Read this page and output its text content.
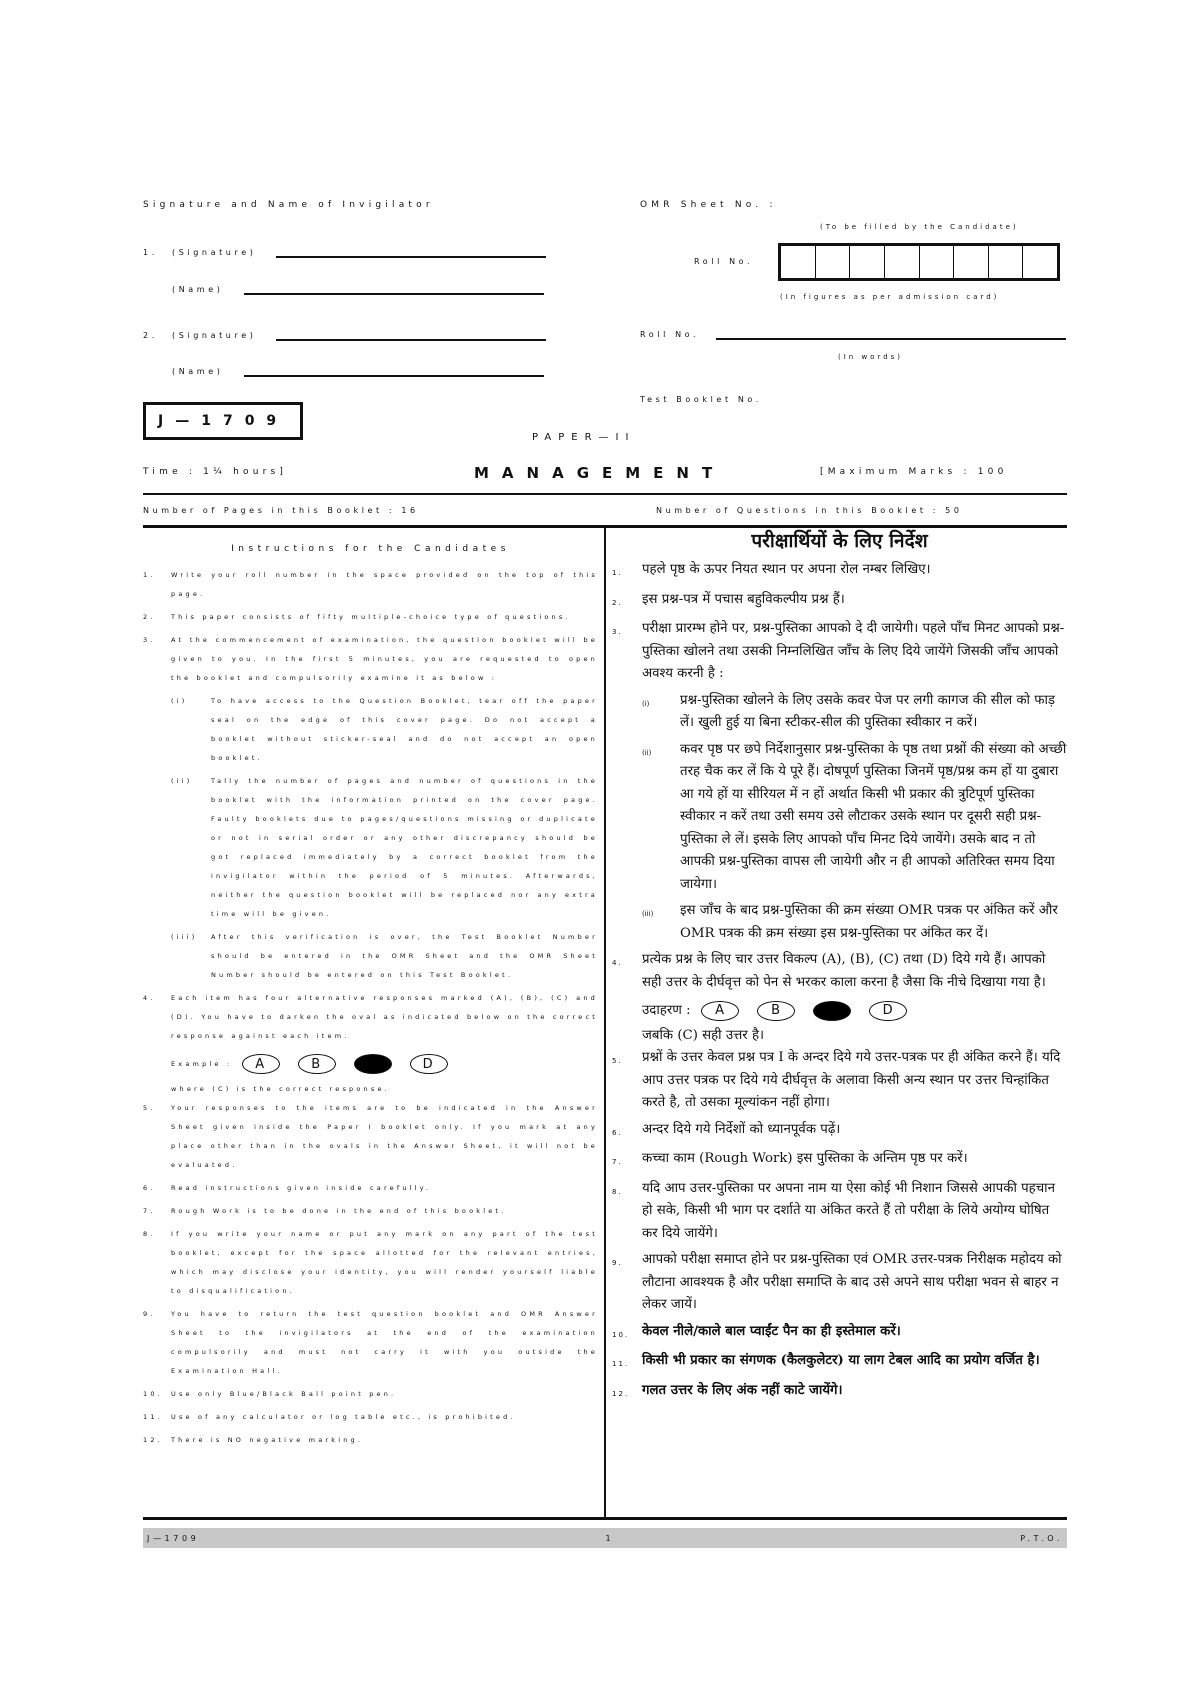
Signature and Name of Invigilator
1. (Signature)
(Name)
2. (Signature)
(Name)
J—1709
OMR Sheet No. :
(To be filled by the Candidate)
Roll No.
(In figures as per admission card)
Roll No.
(In words)
Test Booklet No.
PAPER—II
Time : 1¼ hours]	MANAGEMENT	[Maximum Marks : 100
Number of Pages in this Booklet : 16	Number of Questions in this Booklet : 50
Instructions for the Candidates
1.	Write your roll number in the space provided on the top of this page.
2.	This paper consists of fifty multiple-choice type of questions.
3.	At the commencement of examination, the question booklet will be given to you. In the first 5 minutes, you are requested to open the booklet and compulsorily examine it as below :
(i)	To have access to the Question Booklet, tear off the paper seal on the edge of this cover page. Do not accept a booklet without sticker-seal and do not accept an open booklet.
(ii)	Tally the number of pages and number of questions in the booklet with the information printed on the cover page. Faulty booklets due to pages/questions missing or duplicate or not in serial order or any other discrepancy should be got replaced immediately by a correct booklet from the invigilator within the period of 5 minutes. Afterwards, neither the question booklet will be replaced nor any extra time will be given.
(iii)	After this verification is over, the Test Booklet Number should be entered in the OMR Sheet and the OMR Sheet Number should be entered on this Test Booklet.
4.	Each item has four alternative responses marked (A), (B), (C) and (D). You have to darken the oval as indicated below on the correct response against each item.
Example :	A	B	D
where (C) is the correct response.
5.	Your responses to the items are to be indicated in the Answer Sheet given inside the Paper I booklet only. If you mark at any place other than in the ovals in the Answer Sheet, it will not be evaluated.
6.	Read instructions given inside carefully.
7.	Rough Work is to be done in the end of this booklet.
8.	If you write your name or put any mark on any part of the test booklet, except for the space allotted for the relevant entries, which may disclose your identity, you will render yourself liable to disqualification.
9.	You have to return the test question booklet and OMR Answer Sheet to the invigilators at the end of the examination compulsorily and must not carry it with you outside the Examination Hall.
10.	Use only Blue/Black Ball point pen.
11.	Use of any calculator or log table etc., is prohibited.
12.	There is NO negative marking.
परीक्षार्थियों के लिए निर्देश
1.	पहले पृष्ठ के ऊपर नियत स्थान पर अपना रोल नम्बर लिखिए।
2.	इस प्रश्न-पत्र में पचास बहुविकल्पीय प्रश्न हैं।
3.	परीक्षा प्रारम्भ होने पर, प्रश्न-पुस्तिका आपको दे दी जायेगी। पहले पाँच मिनट आपको प्रश्न-पुस्तिका खोलने तथा उसकी निम्नलिखित जाँच के लिए दिये जायेंगे जिसकी जाँच आपको अवश्य करनी है :
(i)	प्रश्न-पुस्तिका खोलने के लिए उसके कवर पेज पर लगी कागज की सील को फाड़ लें। खुली हुई या बिना स्टीकर-सील की पुस्तिका स्वीकार न करें।
(ii)	कवर पृष्ठ पर छपे निर्देशानुसार प्रश्न-पुस्तिका के पृष्ठ तथा प्रश्नों की संख्या को अच्छी तरह चैक कर लें कि ये पूरे हैं। दोषपूर्ण पुस्तिका जिनमें पृष्ठ/प्रश्न कम हों या दुबारा आ गये हों या सीरियल में न हों अर्थात किसी भी प्रकार की त्रुटिपूर्ण पुस्तिका स्वीकार न करें तथा उसी समय उसे लौटाकर उसके स्थान पर दूसरी सही प्रश्न-पुस्तिका ले लें। इसके लिए आपको पाँच मिनट दिये जायेंगे। उसके बाद न तो आपकी प्रश्न-पुस्तिका वापस ली जायेगी और न ही आपको अतिरिक्त समय दिया जायेगा।
(iii)	इस जाँच के बाद प्रश्न-पुस्तिका की क्रम संख्या OMR पत्रक पर अंकित करें और OMR पत्रक की क्रम संख्या इस प्रश्न-पुस्तिका पर अंकित कर दें।
4.	प्रत्येक प्रश्न के लिए चार उत्तर विकल्प (A), (B), (C) तथा (D) दिये गये हैं। आपको सही उत्तर के दीर्घवृत्त को पेन से भरकर काला करना है जैसा कि नीचे दिखाया गया है।
उदाहरण :	A	B	D
जबकि (C) सही उत्तर है।
5.	प्रश्नों के उत्तर केवल प्रश्न पत्र I के अन्दर दिये गये उत्तर-पत्रक पर ही अंकित करने हैं। यदि आप उत्तर पत्रक पर दिये गये दीर्घवृत्त के अलावा किसी अन्य स्थान पर उत्तर चिन्हांकित करते है, तो उसका मूल्यांकन नहीं होगा।
6.	अन्दर दिये गये निर्देशों को ध्यानपूर्वक पढ़ें।
7.	कच्चा काम (Rough Work) इस पुस्तिका के अन्तिम पृष्ठ पर करें।
8.	यदि आप उत्तर-पुस्तिका पर अपना नाम या ऐसा कोई भी निशान जिससे आपकी पहचान हो सके, किसी भी भाग पर दर्शाते या अंकित करते हैं तो परीक्षा के लिये अयोग्य घोषित कर दिये जायेंगे।
9.	आपको परीक्षा समाप्त होने पर प्रश्न-पुस्तिका एवं OMR उत्तर-पत्रक निरीक्षक महोदय को लौटाना आवश्यक है और परीक्षा समाप्ति के बाद उसे अपने साथ परीक्षा भवन से बाहर न लेकर जायें।
10. केवल नीले/काले बाल प्वाईंट पैन का ही इस्तेमाल करें।
11. किसी भी प्रकार का संगणक (कैलकुलेटर) या लाग टेबल आदि का प्रयोग वर्जित है।
12. गलत उत्तर के लिए अंक नहीं काटे जायेंगे।
J—1709	1	P.T.O.
